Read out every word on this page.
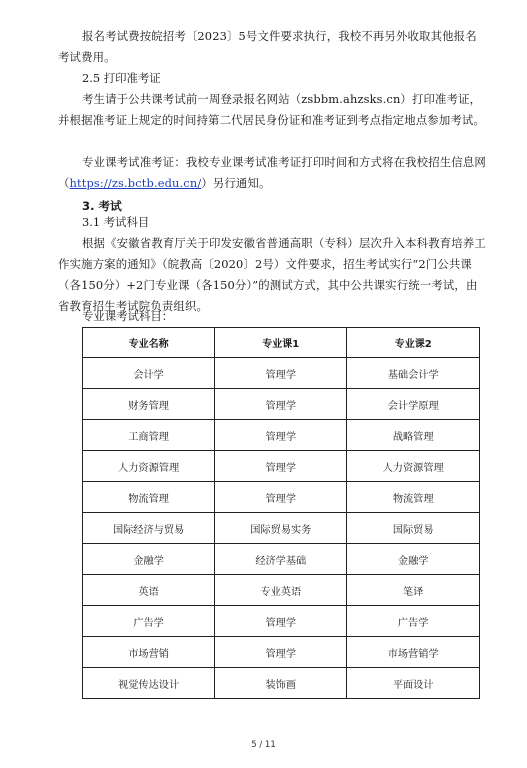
报名考试费按皖招考〔2023〕5号文件要求执行，我校不再另外收取其他报名考试费用。

2.5 打印准考证

考生请于公共课考试前一周登录报名网站（zsbbm.ahzsks.cn）打印准考证，并根据准考证上规定的时间持第二代居民身份证和准考证到考点指定地点参加考试。

专业课考试准考证：我校专业课考试准考证打印时间和方式将在我校招生信息网（https://zs.bctb.edu.cn/）另行通知。

3. 考试

3.1 考试科目

根据《安徽省教育厅关于印发安徽省普通高职（专科）层次升入本科教育培养工作实施方案的通知》（皖教高〔2020〕2号）文件要求，招生考试实行“2门公共课（各150分）+2门专业课（各150分）”的测试方式，其中公共课实行统一考试，由省教育招生考试院负责组织。

专业课考试科目：

专业名称	专业课1	专业课2
会计学	管理学	基础会计学
财务管理	管理学	会计学原理
工商管理	管理学	战略管理
人力资源管理	管理学	人力资源管理
物流管理	管理学	物流管理
国际经济与贸易	国际贸易实务	国际贸易
金融学	经济学基础	金融学
英语	专业英语	笔译
广告学	管理学	广告学
市场营销	管理学	市场营销学
视觉传达设计	装饰画	平面设计
5 / 11
